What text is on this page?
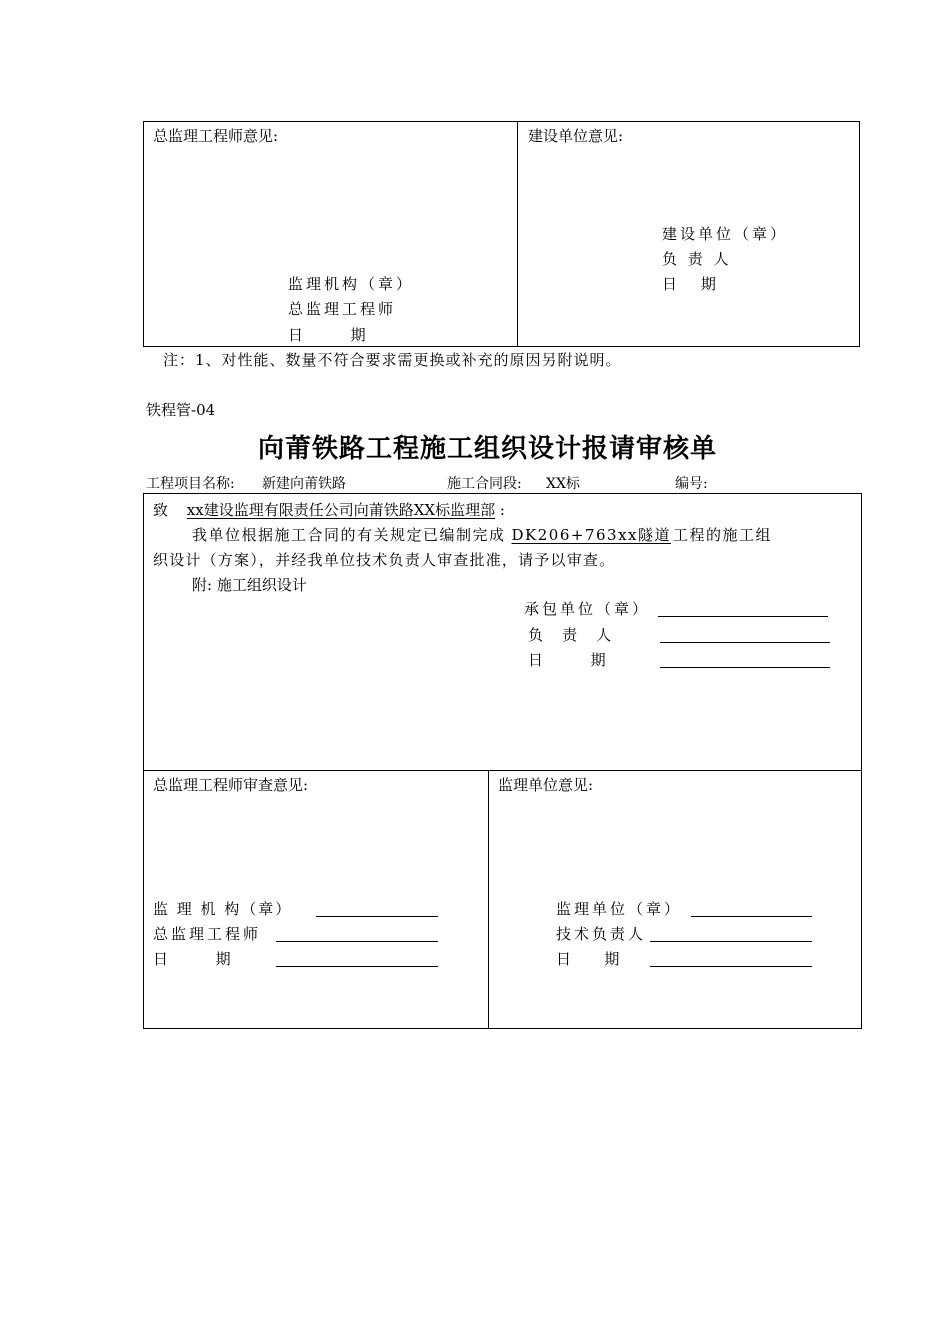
总监理工程师意见:
监理机构（章）
总监理工程师
日          期
建设单位意见:
建设单位（章）
负 责 人
日     期
注：1、对性能、数量不符合要求需更换或补充的原因另附说明。
铁程管-04
向莆铁路工程施工组织设计报请审核单
工程项目名称: 新建向莆铁路	施工合同段: XX标	编号:
致 xx建设监理有限责任公司向莆铁路XX标监理部 :
我单位根据施工合同的有关规定已编制完成 DK206+763xx隧道 工程的施工组
织设计（方案），并经我单位技术负责人审查批准，请予以审查。
附: 施工组织设计
承包单位（章）
负    责    人
日          期
总监理工程师审查意见:
监 理 机 构（章）
总监理工程师
日          期
监理单位意见:
监理单位（章）
技术负责人
日       期
